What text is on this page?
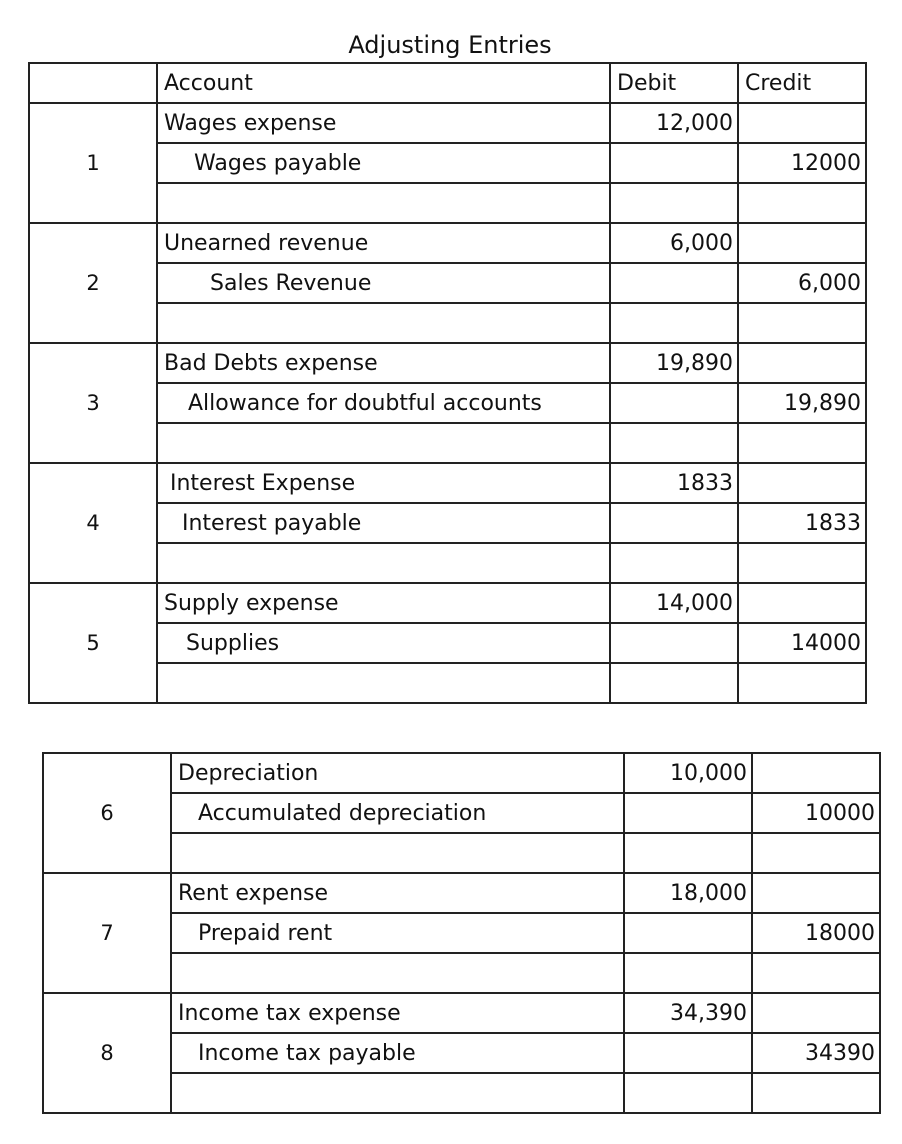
Adjusting Entries
	Account	Debit	Credit
1	Wages expense	12,000	
	Wages payable		12000

2	Unearned revenue	6,000	
	Sales Revenue		6,000

3	Bad Debts expense	19,890	
	Allowance for doubtful accounts		19,890

4	Interest Expense	1833	
	Interest payable		1833

5	Supply expense	14,000	
	Supplies		14000

6	Depreciation	10,000	
	Accumulated depreciation		10000

7	Rent expense	18,000	
	Prepaid rent		18000

8	Income tax expense	34,390	
	Income tax payable		34390
